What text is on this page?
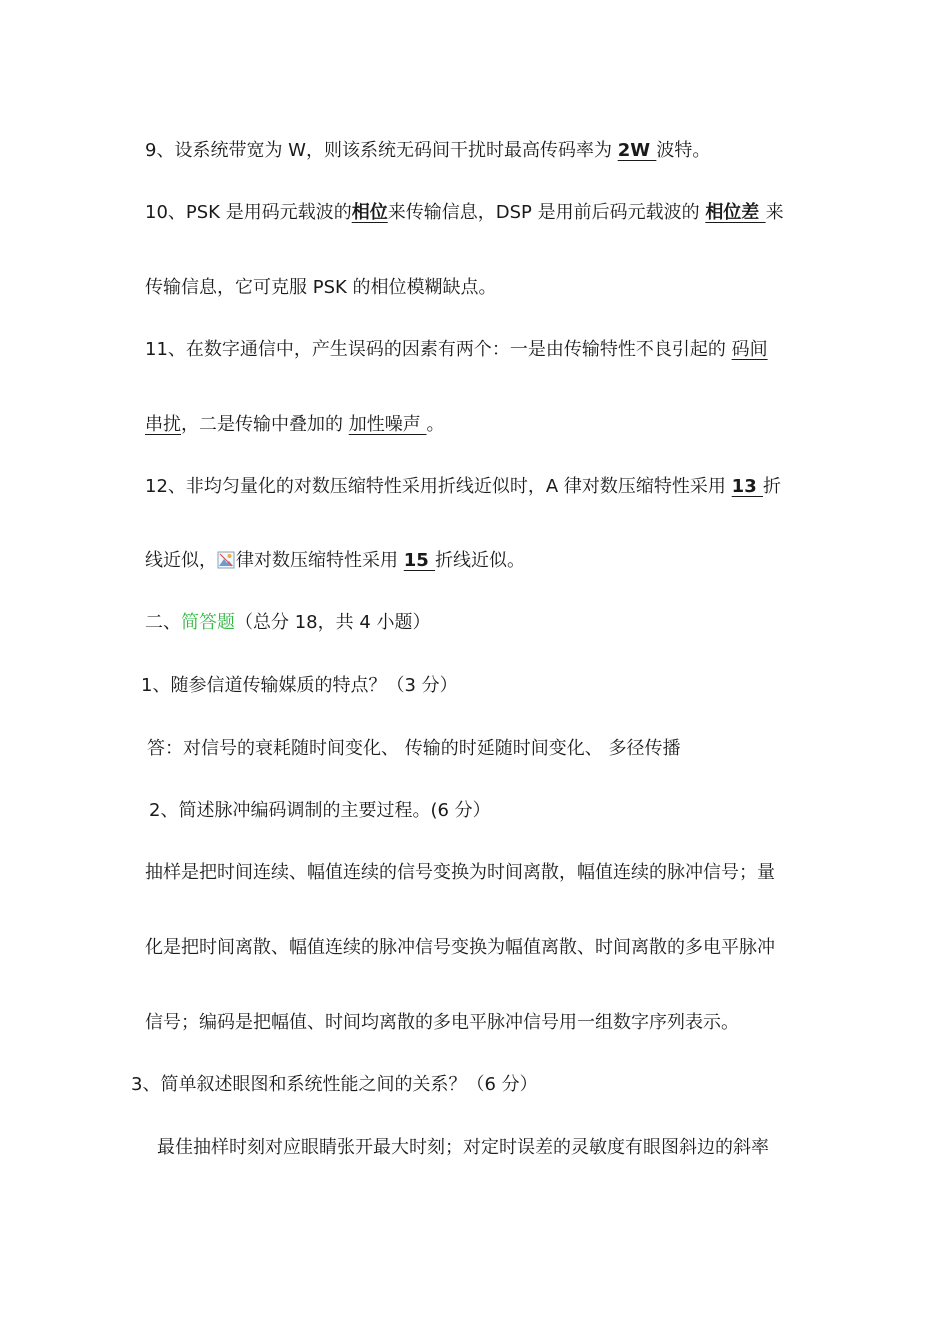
9、设系统带宽为 W，则该系统无码间干扰时最高传码率为 2W 波特。
10、PSK 是用码元载波的相位来传输信息，DSP 是用前后码元载波的 相位差 来
传输信息，它可克服 PSK 的相位模糊缺点。
11、在数字通信中，产生误码的因素有两个：一是由传输特性不良引起的 码间
串扰，二是传输中叠加的 加性噪声 。
12、非均匀量化的对数压缩特性采用折线近似时，A 律对数压缩特性采用 13 折
线近似， 律对数压缩特性采用 15 折线近似。
二、简答题（总分 18，共 4 小题）
1、随参信道传输媒质的特点？（3 分）
答：对信号的衰耗随时间变化、 传输的时延随时间变化、 多径传播
2、简述脉冲编码调制的主要过程。(6 分）
抽样是把时间连续、幅值连续的信号变换为时间离散，幅值连续的脉冲信号；量
化是把时间离散、幅值连续的脉冲信号变换为幅值离散、时间离散的多电平脉冲
信号；编码是把幅值、时间均离散的多电平脉冲信号用一组数字序列表示。
3、简单叙述眼图和系统性能之间的关系？（6 分）
最佳抽样时刻对应眼睛张开最大时刻；对定时误差的灵敏度有眼图斜边的斜率
